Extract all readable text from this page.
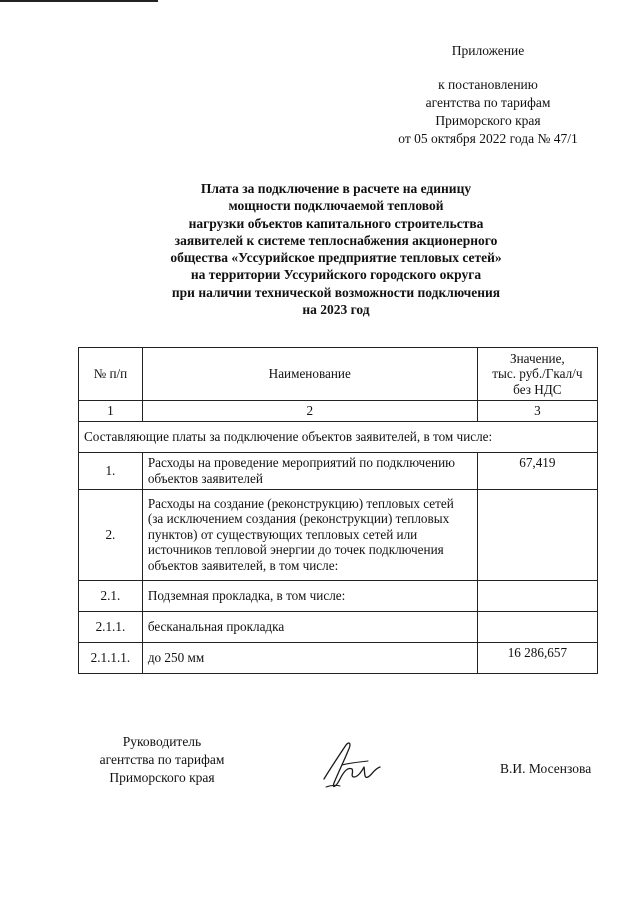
Приложение
к постановлению
агентства по тарифам
Приморского края
от 05 октября 2022 года № 47/1
Плата за подключение в расчете на единицу
мощности подключаемой тепловой
нагрузки объектов капитального строительства
заявителей к системе теплоснабжения акционерного
общества «Уссурийское предприятие тепловых сетей»
на территории Уссурийского городского округа
при наличии технической возможности подключения
на 2023 год
№ п/п	Наименование	Значение,
тыс. руб./Гкал/ч
без НДС

1	2	3
Составляющие платы за подключение объектов заявителей, в том числе:		
1.	Расходы на проведение мероприятий по подключению объектов заявителей	67,419
2.	Расходы на создание (реконструкцию) тепловых сетей (за исключением создания (реконструкции) тепловых пунктов) от существующих тепловых сетей или источников тепловой энергии до точек подключения объектов заявителей, в том числе:	
2.1.	Подземная прокладка, в том числе:	
2.1.1.	бесканальная прокладка	
2.1.1.1.	до 250 мм	16 286,657
Руководитель
агентства по тарифам
Приморского края
В.И. Мосензова
